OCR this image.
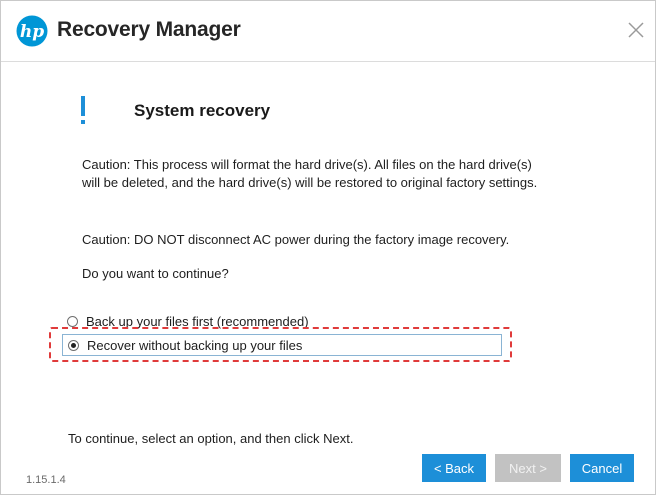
hp Recovery Manager
System recovery
Caution: This process will format the hard drive(s). All files on the hard drive(s) will be deleted, and the hard drive(s) will be restored to original factory settings.
Caution: DO NOT disconnect AC power during the factory image recovery.
Do you want to continue?
Back up your files first (recommended)
Recover without backing up your files
To continue, select an option, and then click Next.
1.15.1.4
< Back	Next >	Cancel
